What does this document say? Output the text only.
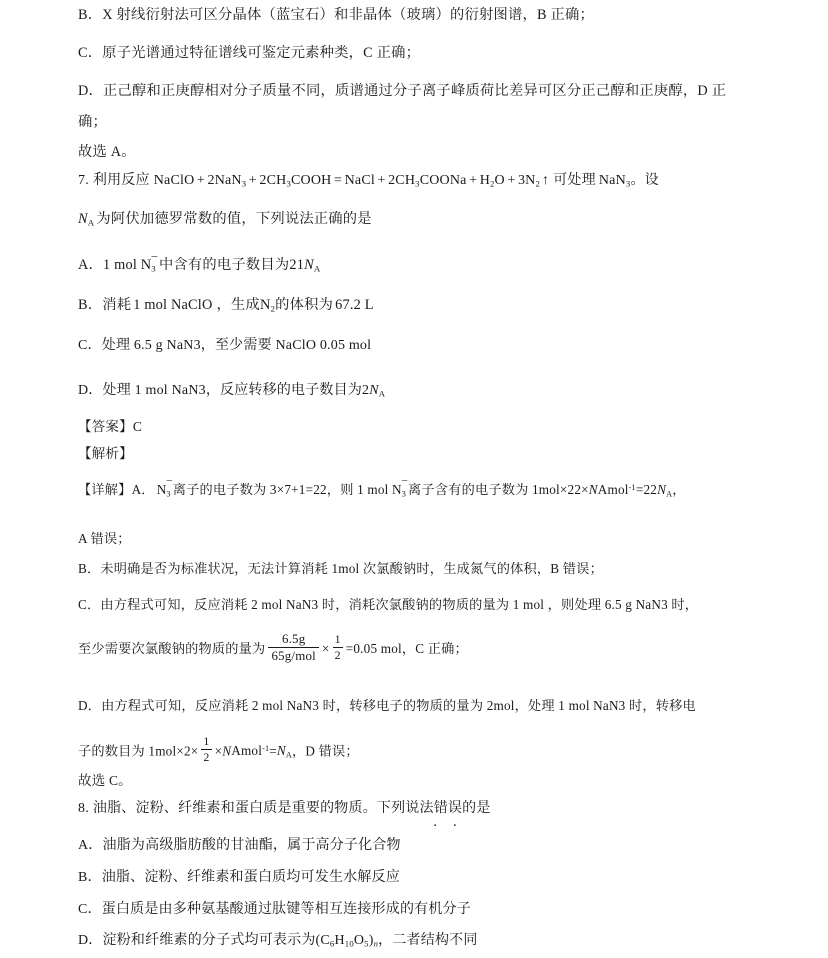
B．X 射线衍射法可区分晶体（蓝宝石）和非晶体（玻璃）的衍射图谱，B 正确；
C．原子光谱通过特征谱线可鉴定元素种类，C 正确；
D．正己醇和正庚醇相对分子质量不同，质谱通过分子离子峰质荷比差异可区分正己醇和正庚醇，D 正
确；
故选 A。
7. 利用反应 NaClO + $2NaN_3 + 2CH_3COOH$ = NaCl + $2CH_3COONa + H_2O + 3N_2$ ↑ 可处理 NaN$_3$。设
$N_A$ 为阿伏加德罗常数的值，下列说法正确的是
A．1 mol $N_3$
–
中含有的电子数目为$21N_A$
B．消耗 1 mol NaClO ，生成$N_2$的体积为 67.2 L
C．处理 6.5 g NaN3，至少需要 NaClO 0.05 mol
D．处理 1 mol NaN3，反应转移的电子数目为$2N_A$
【答案】C
【解析】
【详解】A． $N_3$
–
离子的电子数为 3×7+1=22，则 1 mol $N_3$
–
离子含有的电子数为 $1mol\times 22\times NAmol^{-1}=22N_A$，
A 错误；
B．未明确是否为标准状况，无法计算消耗 1mol 次氯酸钠时，生成氮气的体积，B 错误；
C．由方程式可知，反应消耗 2 mol NaN3 时，消耗次氯酸钠的物质的量为 1 mol ，则处理 6.5 g NaN3 时，
至少需要次氯酸钠的物质的量为 $\frac{6.5g}{\text{65g/mol}} \times \frac{1}{2} =0.05$ mol，C 正确；
D．由方程式可知，反应消耗 2 mol NaN3 时，转移电子的物质的量为 2mol，处理 1 mol NaN3 时，转移电
子的数目为 $1mol\times 2\times \frac{1}{2}$ $\times NAmol^{-1}=N_A$，D 错误；
故选 C。
8. 油脂、淀粉、纤维素和蛋白质是重要的物质。下列说法错误 ․ ․的是
A．油脂为高级脂肪酸的甘油酯，属于高分子化合物
B．油脂、淀粉、纤维素和蛋白质均可发生水解反应
C．蛋白质是由多种氨基酸通过肽键等相互连接形成的有机分子
D．淀粉和纤维素的分子式均可表示为$(C_6H_{10}O_5)_n$，二者结构不同
